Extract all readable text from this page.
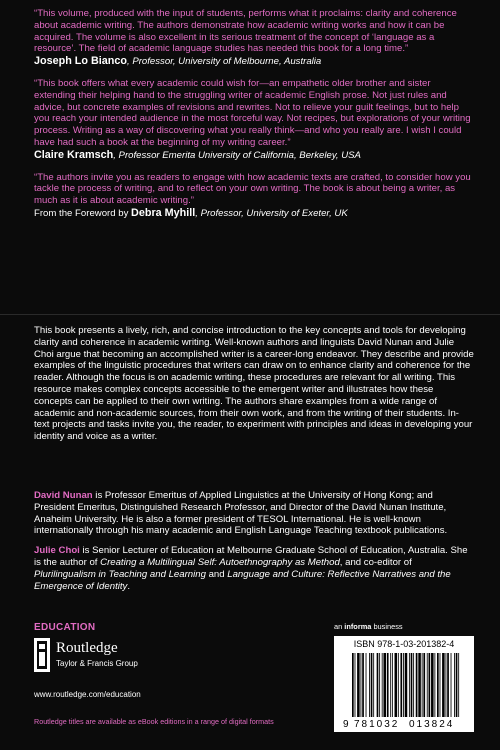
“This volume, produced with the input of students, performs what it proclaims: clarity and coherence about academic writing. The authors demonstrate how academic writing works and how it can be acquired. The volume is also excellent in its serious treatment of the concept of ‘language as a resource’. The field of academic language studies has needed this book for a long time.”

Joseph Lo Bianco, Professor, University of Melbourne, Australia

“This book offers what every academic could wish for—an empathetic older brother and sister extending their helping hand to the struggling writer of academic English prose. Not just rules and advice, but concrete examples of revisions and rewrites. Not to relieve your guilt feelings, but to help you reach your intended audience in the most forceful way. Not recipes, but explorations of your writing process. Writing as a way of discovering what you really think—and who you really are. I wish I could have had such a book at the beginning of my writing career.”

Claire Kramsch, Professor Emerita University of California, Berkeley, USA

“The authors invite you as readers to engage with how academic texts are crafted, to consider how you tackle the process of writing, and to reflect on your own writing. The book is about being a writer, as much as it is about academic writing.”

From the Foreword by Debra Myhill, Professor, University of Exeter, UK

This book presents a lively, rich, and concise introduction to the key concepts and tools for developing clarity and coherence in academic writing. Well-known authors and linguists David Nunan and Julie Choi argue that becoming an accomplished writer is a career-long endeavor. They describe and provide examples of the linguistic procedures that writers can draw on to enhance clarity and coherence for the reader. Although the focus is on academic writing, these procedures are relevant for all writing. This resource makes complex concepts accessible to the emergent writer and illustrates how these concepts can be applied to their own writing. The authors share examples from a wide range of academic and non-academic sources, from their own work, and from the writing of their students. In-text projects and tasks invite you, the reader, to experiment with principles and ideas in developing your identity and voice as a writer.

David Nunan is Professor Emeritus of Applied Linguistics at the University of Hong Kong; and President Emeritus, Distinguished Research Professor, and Director of the David Nunan Institute, Anaheim University. He is also a former president of TESOL International. He is well-known internationally through his many academic and English Language Teaching textbook publications.

Julie Choi is Senior Lecturer of Education at Melbourne Graduate School of Education, Australia. She is the author of Creating a Multilingual Self: Autoethnography as Method, and co-editor of Plurilingualism in Teaching and Learning and Language and Culture: Reflective Narratives and the Emergence of Identity.

EDUCATION
Routledge
Taylor & Francis Group
www.routledge.com/education
Routledge titles are available as eBook editions in a range of digital formats
an informa business
ISBN 978-1-03-201382-4
9 781032 013824
